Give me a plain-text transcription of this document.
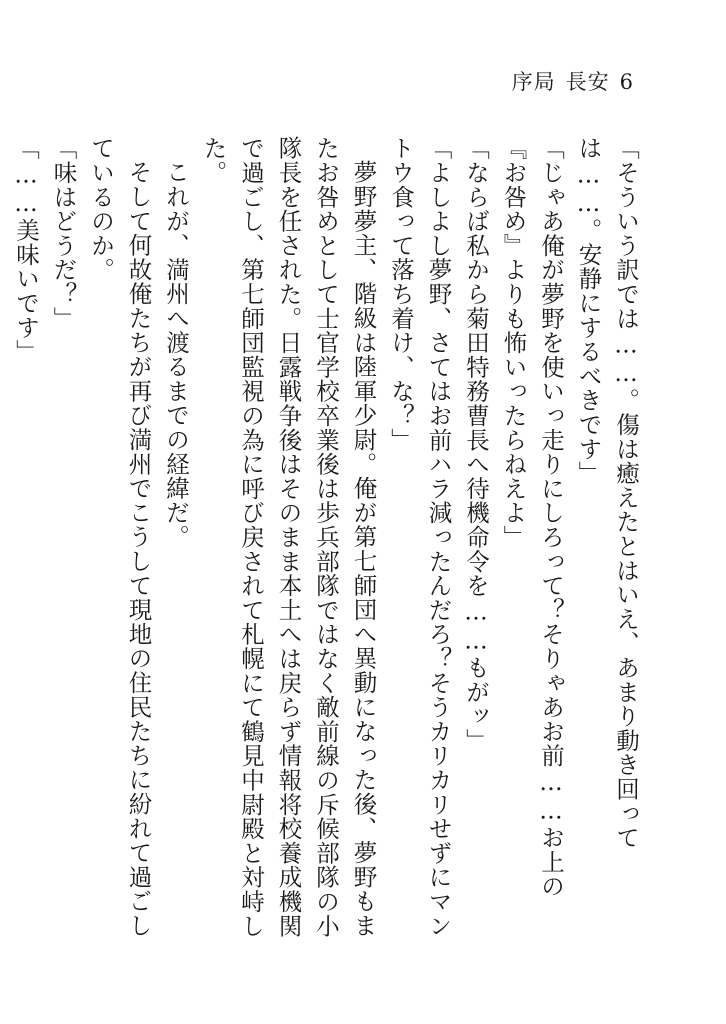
序局 長安 6

「そういう訳では……。傷は癒えたとはいえ、あまり動き回っては……。安静にするべきです」

「じゃあ俺が夢野を使いっ走りにしろって？そりゃあお前……お上の『お咎め』よりも怖いったらねえよ」

「ならば私から菊田特務曹長へ待機命令を……もがッ」

「よしよし夢野、さてはお前ハラ減ったんだろ？そうカリカリせずにマントウ食って落ち着け、な？」

夢野夢主、階級は陸軍少尉。俺が第七師団へ異動になった後、夢野もまたお咎めとして士官学校卒業後は歩兵部隊ではなく敵前線の斥候部隊の小隊長を任された。日露戦争後はそのまま本土へは戻らず情報将校養成機関で過ごし、第七師団監視の為に呼び戻されて札幌にて鶴見中尉殿と対峙した。

これが、満州へ渡るまでの経緯だ。

そして何故俺たちが再び満州でこうして現地の住民たちに紛れて過ごしているのか。

「味はどうだ？」

「……美味いです」
